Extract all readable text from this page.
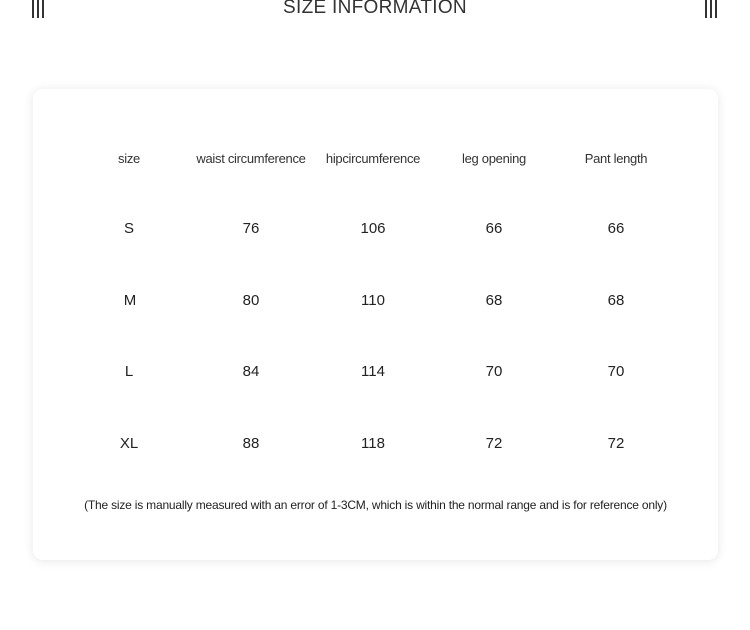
SIZE INFORMATION
size	waist circumference	hipcircumference	leg opening	Pant length
S	76	106	66	66
M	80	110	68	68
L	84	114	70	70
XL	88	118	72	72
(The size is manually measured with an error of 1-3CM, which is within the normal range and is for reference only)
